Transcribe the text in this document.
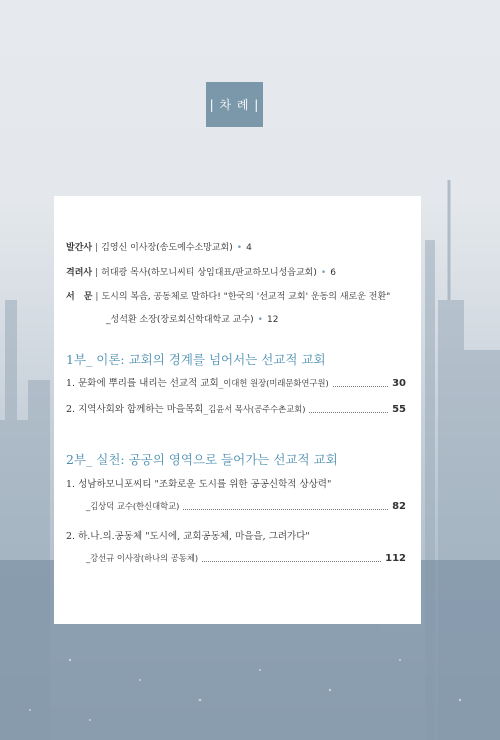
| 차 례 |
발간사 | 김영신 이사장(송도예수소망교회) • 4
격려사 | 허대광 목사(하모니씨티 상임대표/판교하모니성읍교회) • 6
서　문 | 도시의 복음, 공동체로 말하다! "한국의 '선교적 교회' 운동의 새로운 전환"
_성석환 소장(장로회신학대학교 교수) • 12
1부_ 이론: 교회의 경계를 넘어서는 선교적 교회
1. 문화에 뿌리를 내리는 선교적 교회_ 이대헌 원장(미래문화연구원)	30
2. 지역사회와 함께하는 마을목회_ 김윤서 목사(공주수촌교회)	55
2부_ 실천: 공공의 영역으로 들어가는 선교적 교회
1. 성남하모니포씨티 "조화로운 도시를 위한 공공신학적 상상력"
_김상덕 교수(한신대학교)	82
2. 하.나.의.공동체 "도시에, 교회공동체, 마을을, 그려가다"
_강선규 이사장(하나의 공동체)	112
